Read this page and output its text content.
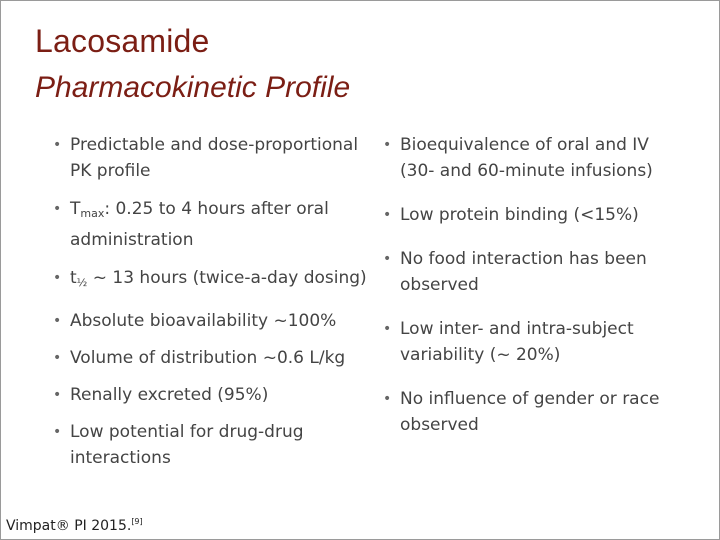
Lacosamide
Pharmacokinetic Profile
• Predictable and dose-proportional PK profile
• $T_{max}$: 0.25 to 4 hours after oral administration
• $t_{\frac{1}{2}}$ ~ 13 hours (twice-a-day dosing)
• Absolute bioavailability ~100%
• Volume of distribution ~0.6 L/kg
• Renally excreted (95%)
• Low potential for drug-drug interactions
• Bioequivalence of oral and IV (30- and 60-minute infusions)
• Low protein binding (<15%)
• No food interaction has been observed
• Low inter- and intra-subject variability (~ 20%)
• No influence of gender or race observed
Vimpat® PI 2015.[9]
